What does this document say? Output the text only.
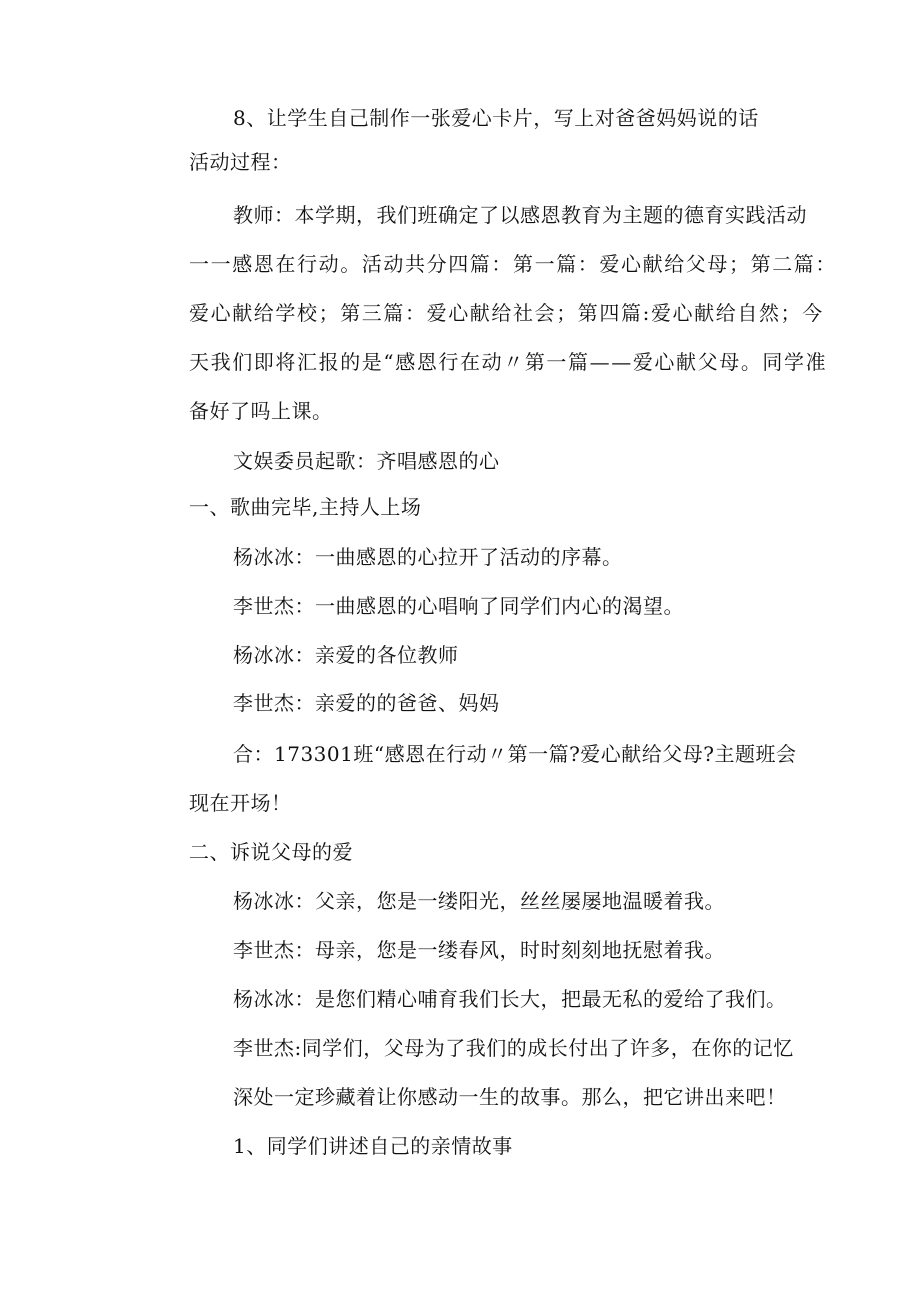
8、让学生自己制作一张爱心卡片，写上对爸爸妈妈说的话
活动过程：
教师：本学期，我们班确定了以感恩教育为主题的德育实践活动
一一感恩在行动。活动共分四篇：第一篇：爱心献给父母；第二篇：
爱心献给学校；第三篇：爱心献给社会；第四篇:爱心献给自然；今
天我们即将汇报的是“感恩行在动〃第一篇——爱心献父母。同学准
备好了吗上课。
文娱委员起歌：齐唱感恩的心
一、歌曲完毕,主持人上场
杨冰冰：一曲感恩的心拉开了活动的序幕。
李世杰：一曲感恩的心唱响了同学们内心的渴望。
杨冰冰：亲爱的各位教师
李世杰：亲爱的的爸爸、妈妈
合：173301班“感恩在行动〃第一篇?爱心献给父母?主题班会
现在开场！
二、诉说父母的爱
杨冰冰：父亲，您是一缕阳光，丝丝屡屡地温暖着我。
李世杰：母亲，您是一缕春风，时时刻刻地抚慰着我。
杨冰冰：是您们精心哺育我们长大，把最无私的爱给了我们。
李世杰:同学们，父母为了我们的成长付出了许多，在你的记忆
深处一定珍藏着让你感动一生的故事。那么，把它讲出来吧！
1、同学们讲述自己的亲情故事
